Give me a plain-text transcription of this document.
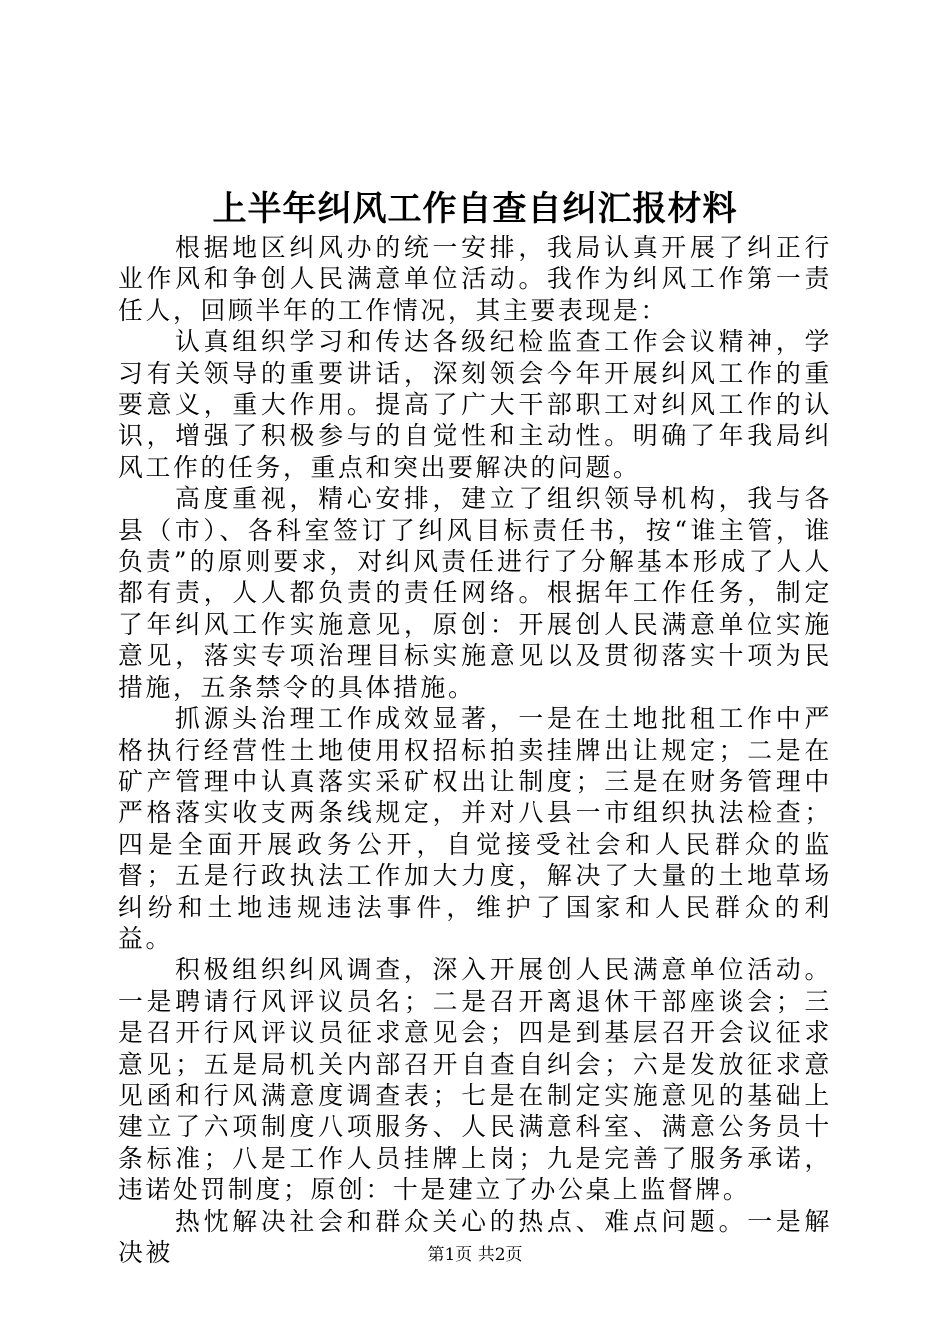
上半年纠风工作自查自纠汇报材料

根据地区纠风办的统一安排，我局认真开展了纠正行业作风和争创人民满意单位活动。我作为纠风工作第一责任人，回顾半年的工作情况，其主要表现是：

认真组织学习和传达各级纪检监查工作会议精神，学习有关领导的重要讲话，深刻领会今年开展纠风工作的重要意义，重大作用。提高了广大干部职工对纠风工作的认识，增强了积极参与的自觉性和主动性。明确了年我局纠风工作的任务，重点和突出要解决的问题。

高度重视，精心安排，建立了组织领导机构，我与各县（市）、各科室签订了纠风目标责任书，按“谁主管，谁负责”的原则要求，对纠风责任进行了分解基本形成了人人都有责，人人都负责的责任网络。根据年工作任务，制定了年纠风工作实施意见，原创：开展创人民满意单位实施意见，落实专项治理目标实施意见以及贯彻落实十项为民措施，五条禁令的具体措施。

抓源头治理工作成效显著，一是在土地批租工作中严格执行经营性土地使用权招标拍卖挂牌出让规定；二是在矿产管理中认真落实采矿权出让制度；三是在财务管理中严格落实收支两条线规定，并对八县一市组织执法检查；四是全面开展政务公开，自觉接受社会和人民群众的监督；五是行政执法工作加大力度，解决了大量的土地草场纠纷和土地违规违法事件，维护了国家和人民群众的利益。

积极组织纠风调查，深入开展创人民满意单位活动。一是聘请行风评议员名；二是召开离退休干部座谈会；三是召开行风评议员征求意见会；四是到基层召开会议征求意见；五是局机关内部召开自查自纠会；六是发放征求意见函和行风满意度调查表；七是在制定实施意见的基础上建立了六项制度八项服务、人民满意科室、满意公务员十条标准；八是工作人员挂牌上岗；九是完善了服务承诺，违诺处罚制度；原创：十是建立了办公桌上监督牌。

热忱解决社会和群众关心的热点、难点问题。一是解决被	第1页 共2页
